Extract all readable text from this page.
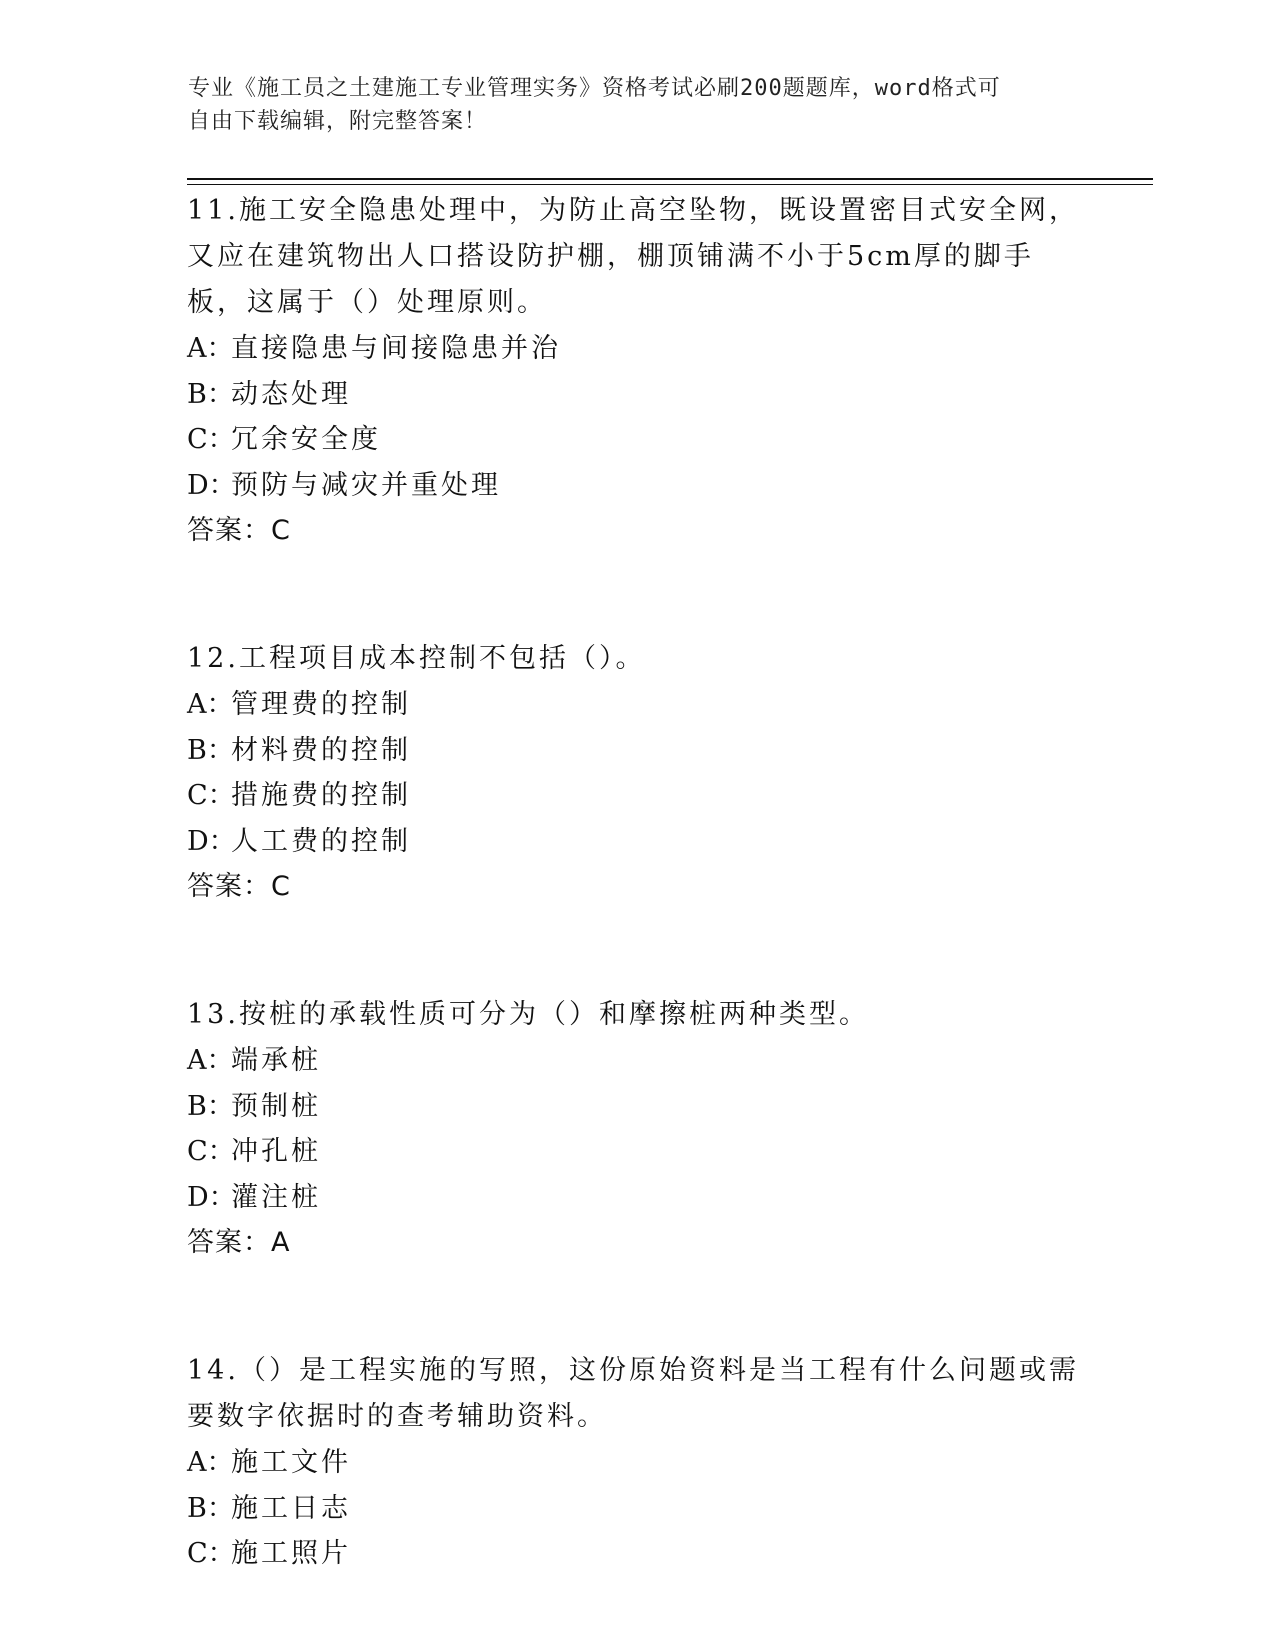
专业《施工员之土建施工专业管理实务》资格考试必刷200题题库，word格式可
自由下载编辑，附完整答案！
11.施工安全隐患处理中，为防止高空坠物，既设置密目式安全网，又应在建筑物出人口搭设防护棚，棚顶铺满不小于5cm厚的脚手板，这属于（）处理原则。
A：直接隐患与间接隐患并治
B：动态处理
C：冗余安全度
D：预防与减灾并重处理
答案：C
12.工程项目成本控制不包括（）。
A：管理费的控制
B：材料费的控制
C：措施费的控制
D：人工费的控制
答案：C
13.按桩的承载性质可分为（）和摩擦桩两种类型。
A：端承桩
B：预制桩
C：冲孔桩
D：灌注桩
答案：A
14.（）是工程实施的写照，这份原始资料是当工程有什么问题或需要数字依据时的查考辅助资料。
A：施工文件
B：施工日志
C：施工照片
